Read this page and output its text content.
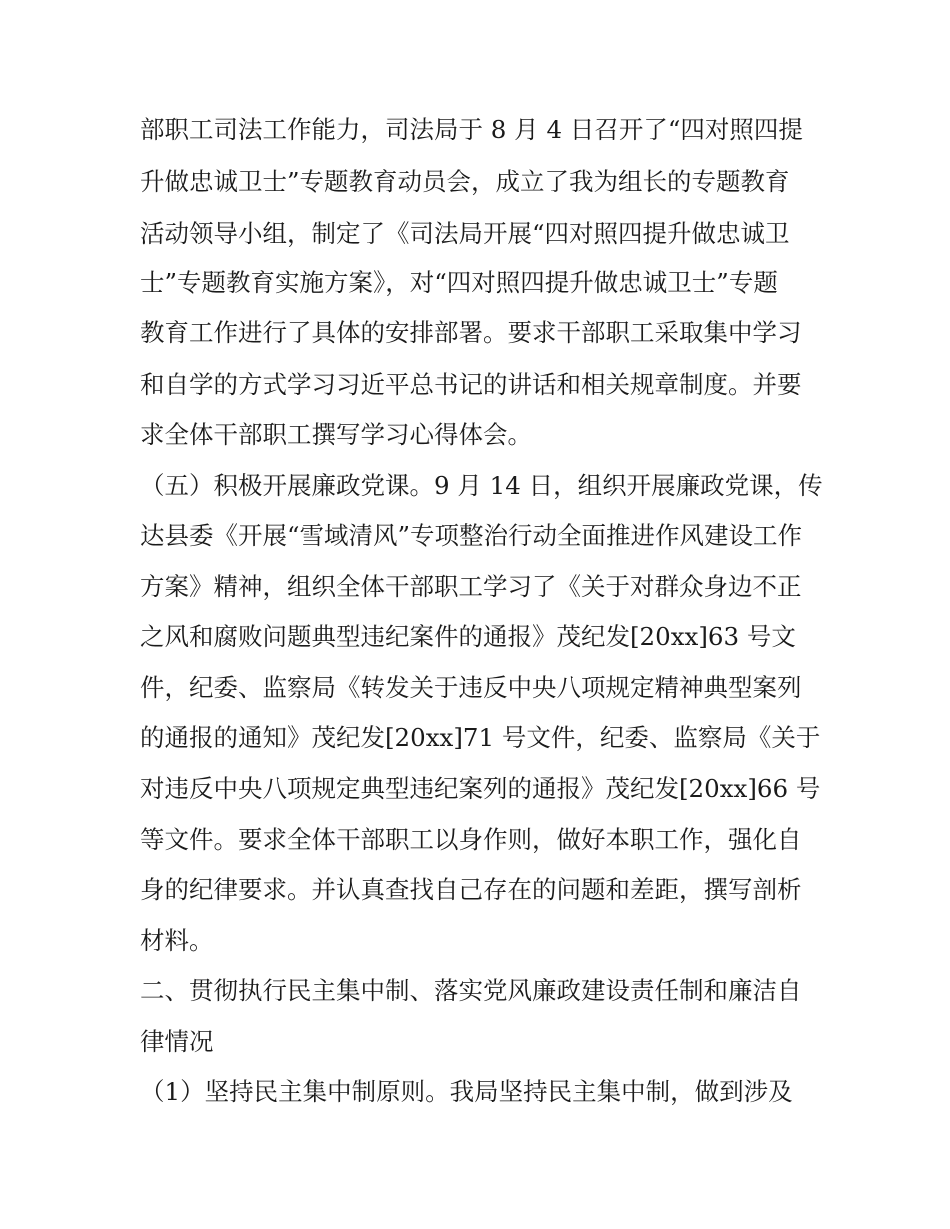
部职工司法工作能力，司法局于 8 月 4 日召开了“四对照四提

升做忠诚卫士”专题教育动员会，成立了我为组长的专题教育

活动领导小组，制定了《司法局开展“四对照四提升做忠诚卫

士”专题教育实施方案》，对“四对照四提升做忠诚卫士”专题

教育工作进行了具体的安排部署。要求干部职工采取集中学习

和自学的方式学习习近平总书记的讲话和相关规章制度。并要

求全体干部职工撰写学习心得体会。

（五）积极开展廉政党课。9 月 14 日，组织开展廉政党课，传

达县委《开展“雪域清风”专项整治行动全面推进作风建设工作

方案》精神，组织全体干部职工学习了《关于对群众身边不正

之风和腐败问题典型违纪案件的通报》茂纪发[20xx]63 号文

件，纪委、监察局《转发关于违反中央八项规定精神典型案列

的通报的通知》茂纪发[20xx]71 号文件，纪委、监察局《关于

对违反中央八项规定典型违纪案列的通报》茂纪发[20xx]66 号

等文件。要求全体干部职工以身作则，做好本职工作，强化自

身的纪律要求。并认真查找自己存在的问题和差距，撰写剖析

材料。

二、贯彻执行民主集中制、落实党风廉政建设责任制和廉洁自

律情况

（1）坚持民主集中制原则。我局坚持民主集中制，做到涉及
